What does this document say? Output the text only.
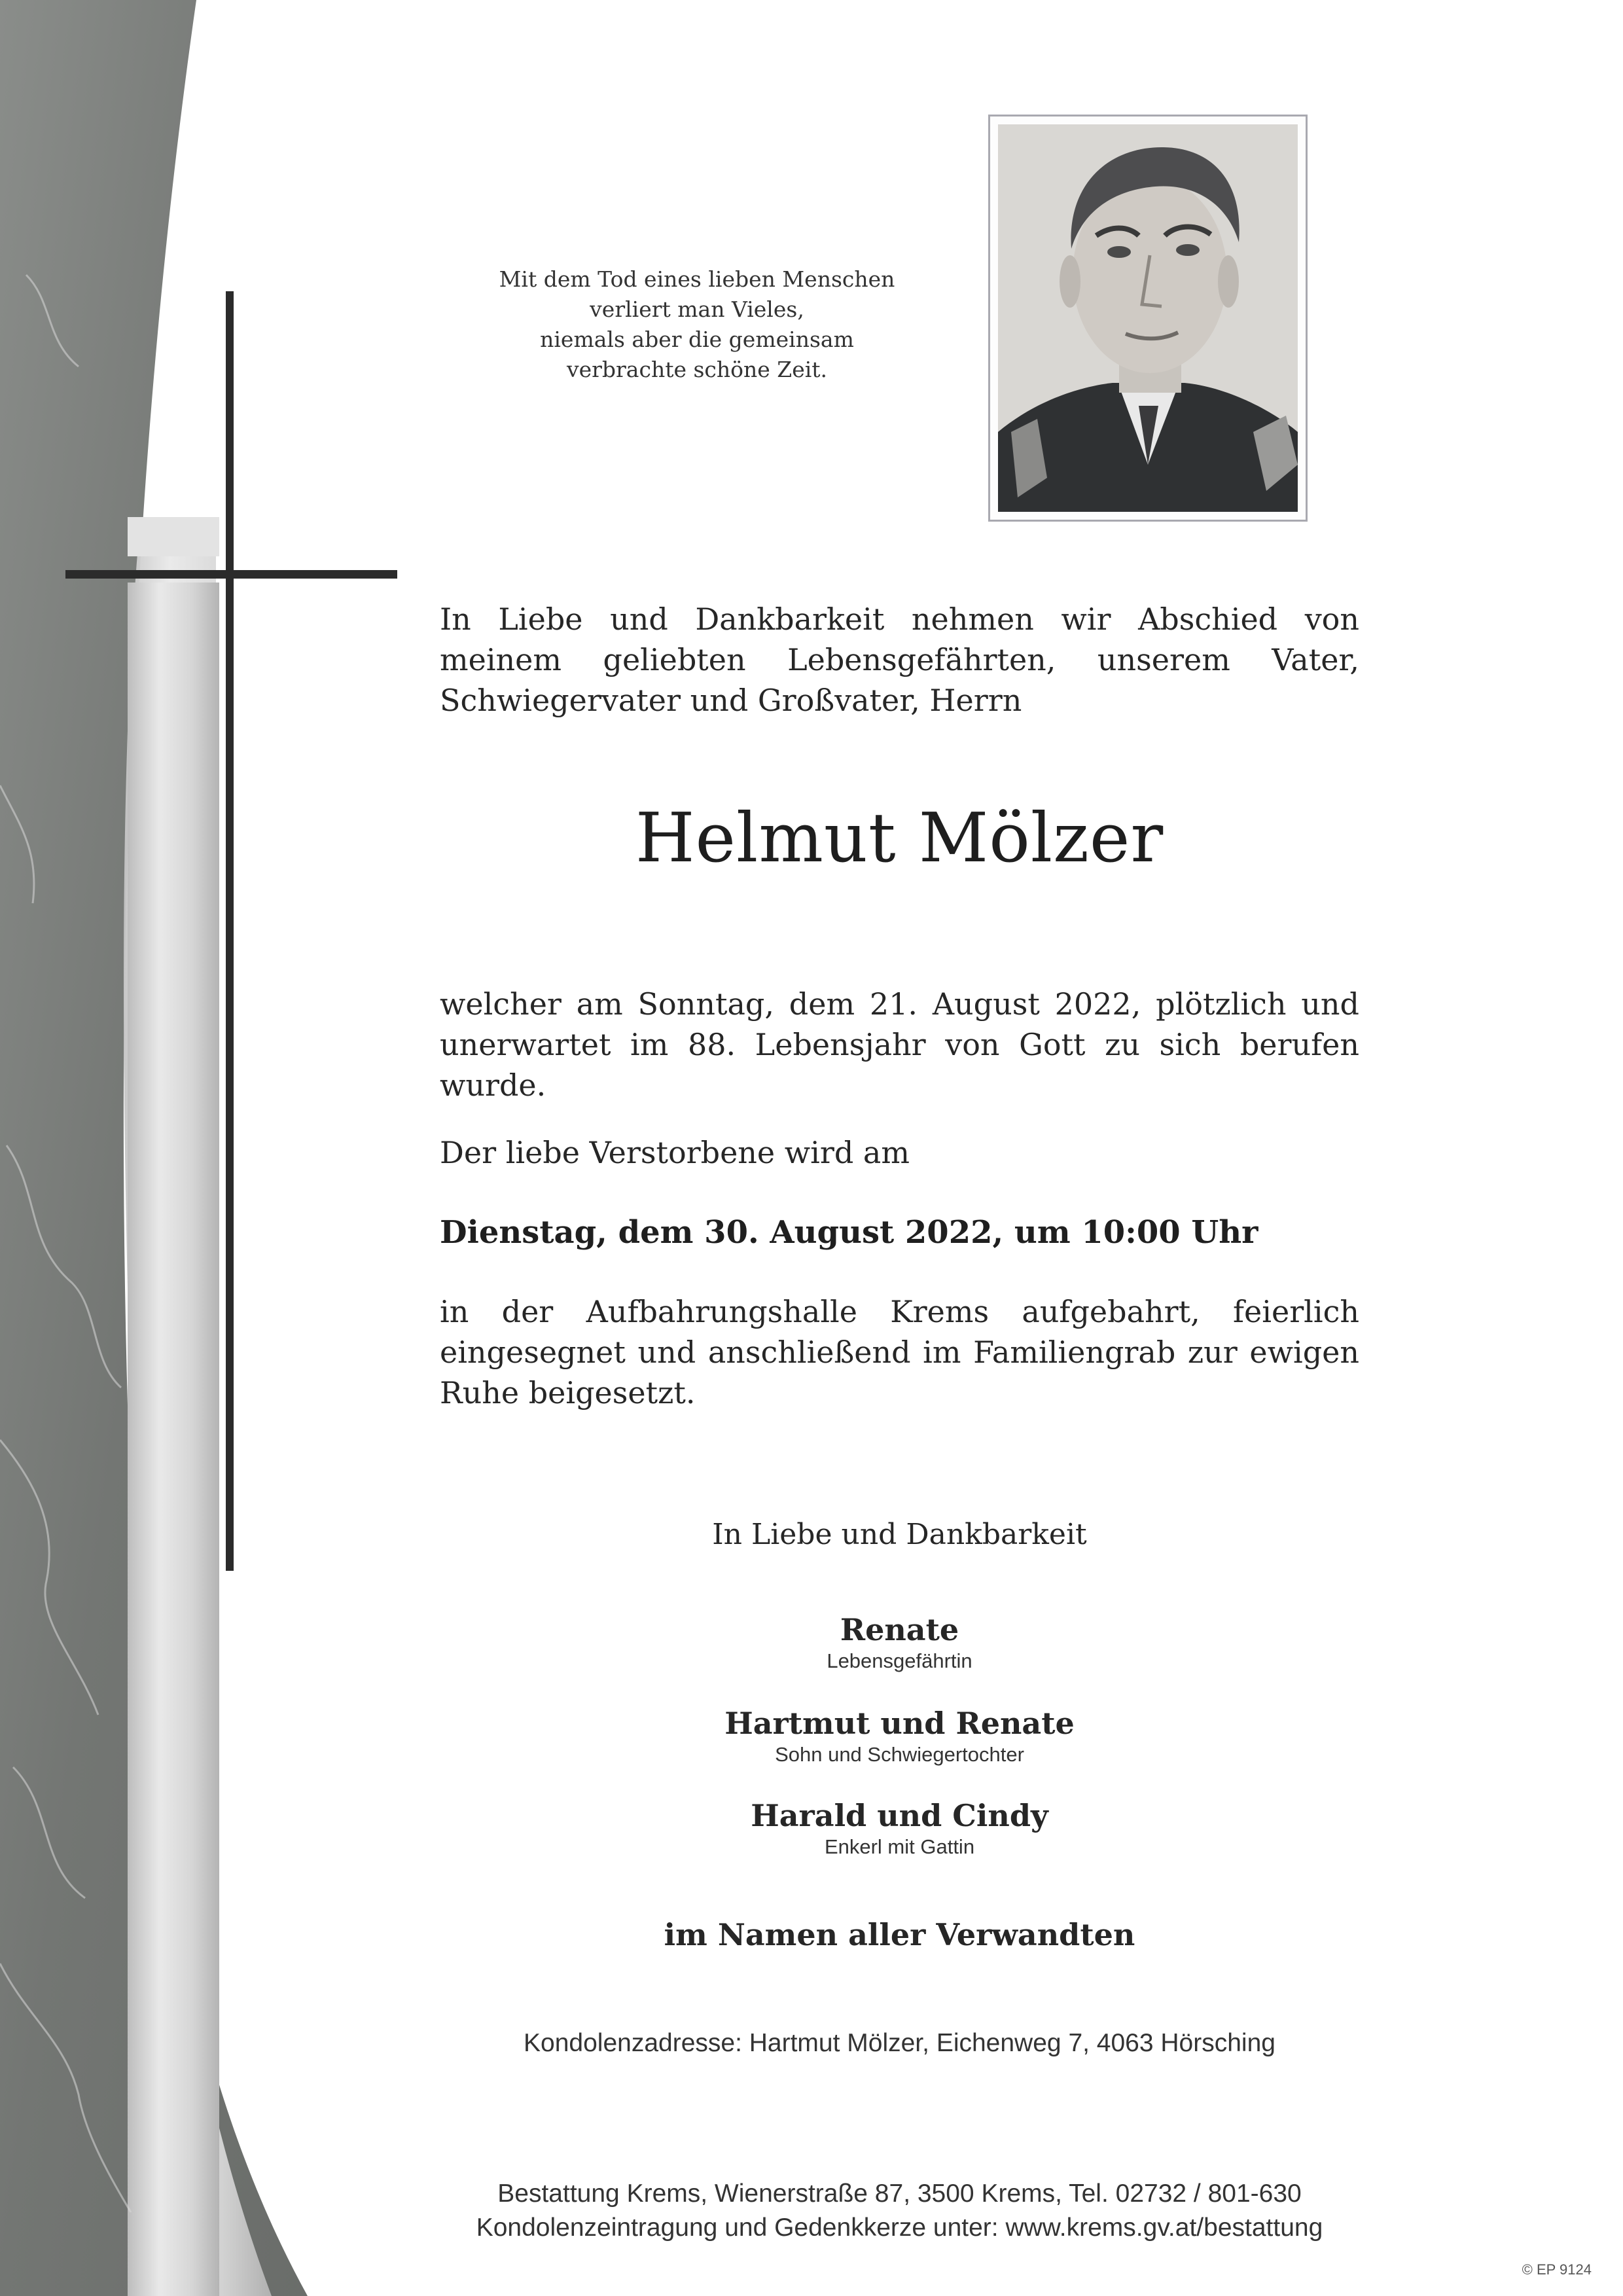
Mit dem Tod eines lieben Menschen
verliert man Vieles,
niemals aber die gemeinsam
verbrachte schöne Zeit.
In Liebe und Dankbarkeit nehmen wir Abschied von meinem geliebten Lebensgefährten, unserem Vater, Schwiegervater und Großvater, Herrn
Helmut Mölzer
welcher am Sonntag, dem 21. August 2022, plötzlich und unerwartet im 88. Lebensjahr von Gott zu sich berufen wurde.
Der liebe Verstorbene wird am
Dienstag, dem 30. August 2022, um 10:00 Uhr
in der Aufbahrungshalle Krems aufgebahrt, feierlich eingesegnet und anschließend im Familiengrab zur ewigen Ruhe beigesetzt.
In Liebe und Dankbarkeit
Renate
Lebensgefährtin
Hartmut und Renate
Sohn und Schwiegertochter
Harald und Cindy
Enkerl mit Gattin
im Namen aller Verwandten
Kondolenzadresse: Hartmut Mölzer, Eichenweg 7, 4063 Hörsching
Bestattung Krems, Wienerstraße 87, 3500 Krems, Tel. 02732 / 801-630
Kondolenzeintragung und Gedenkkerze unter: www.krems.gv.at/bestattung
© EP 9124
